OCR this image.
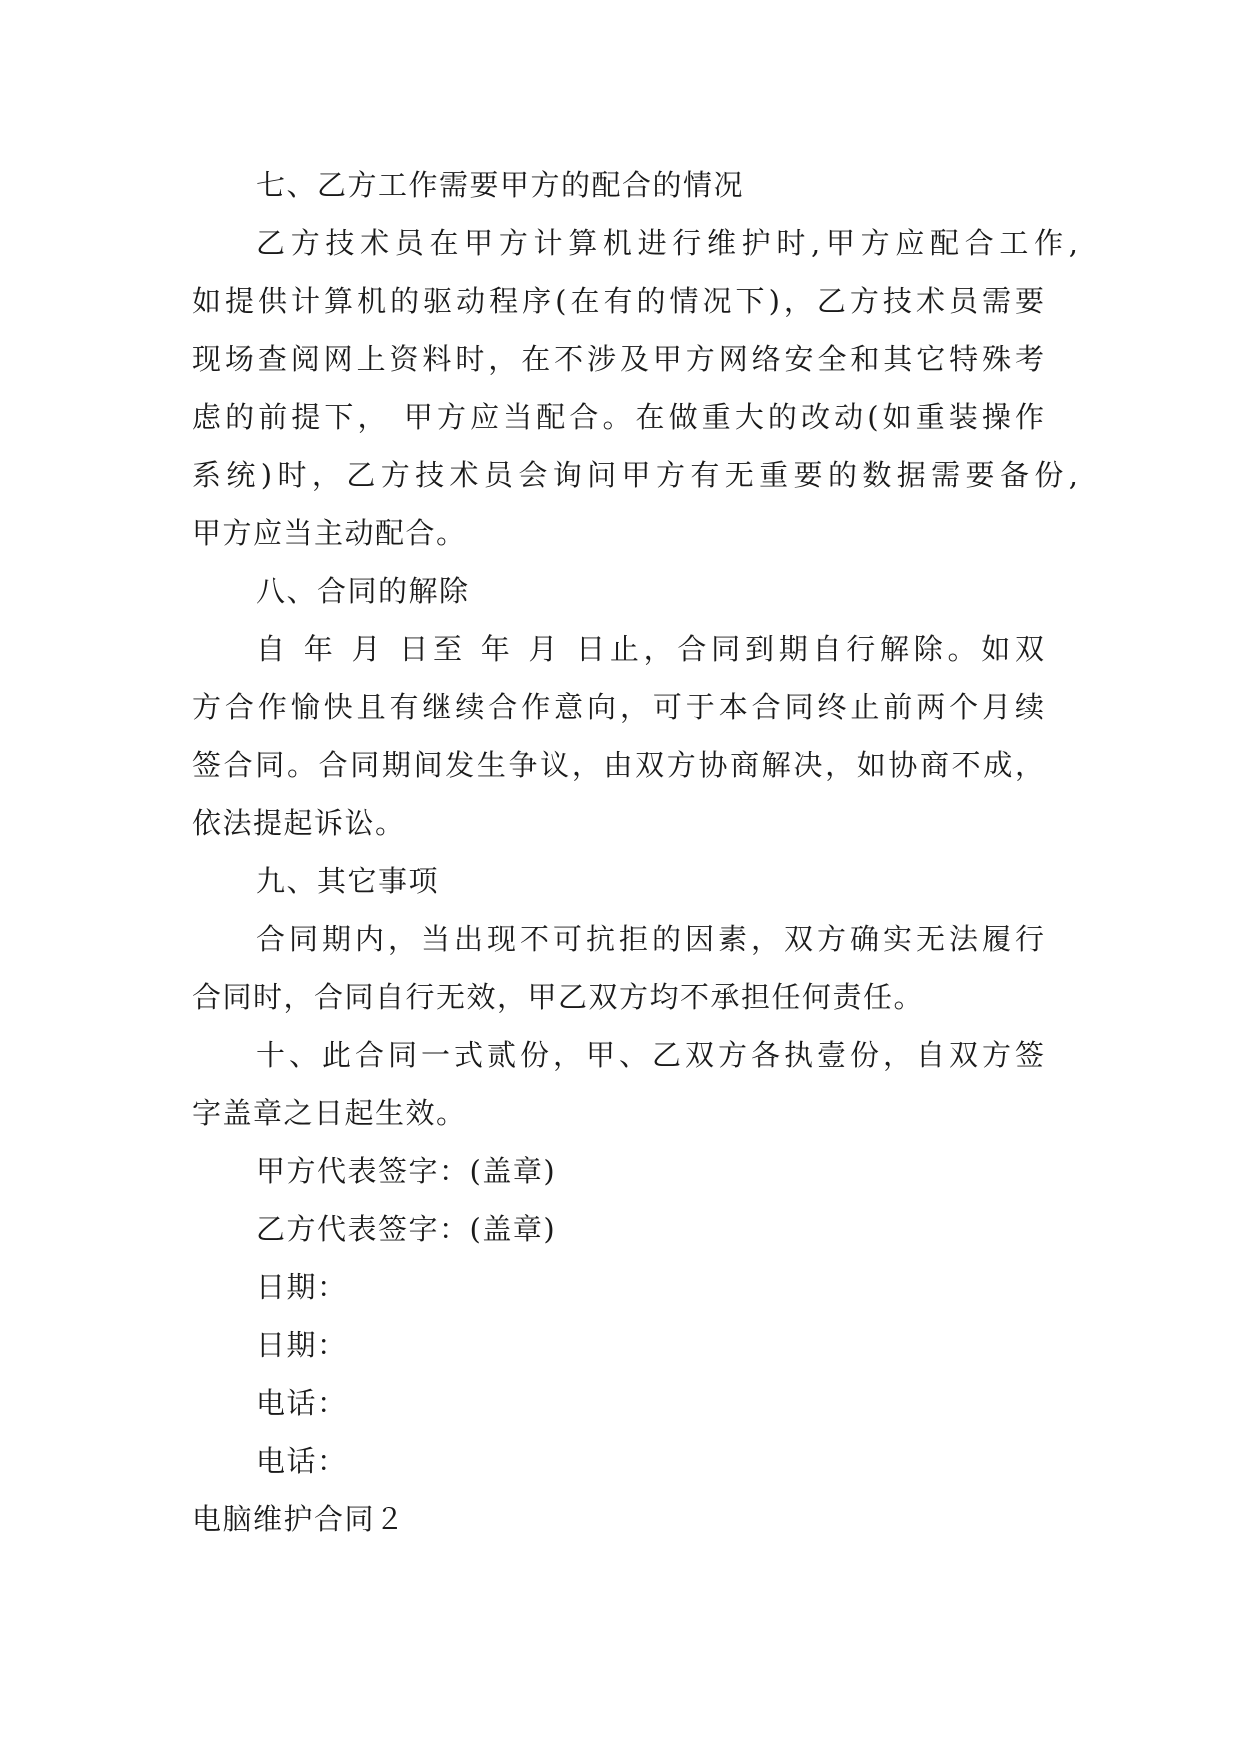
七、乙方工作需要甲方的配合的情况
乙方技术员在甲方计算机进行维护时,甲方应配合工作,
如提供计算机的驱动程序(在有的情况下)，乙方技术员需要
现场查阅网上资料时，在不涉及甲方网络安全和其它特殊考
虑的前提下， 甲方应当配合。在做重大的改动(如重装操作
系统)时，乙方技术员会询问甲方有无重要的数据需要备份,
甲方应当主动配合。
八、合同的解除
自 年 月 日至 年 月 日止，合同到期自行解除。如双
方合作愉快且有继续合作意向，可于本合同终止前两个月续
签合同。合同期间发生争议，由双方协商解决，如协商不成，
依法提起诉讼。
九、其它事项
合同期内，当出现不可抗拒的因素，双方确实无法履行
合同时，合同自行无效，甲乙双方均不承担任何责任。
十、此合同一式贰份，甲、乙双方各执壹份，自双方签
字盖章之日起生效。
甲方代表签字：(盖章)
乙方代表签字：(盖章)
日期：
日期：
电话：
电话：
电脑维护合同２
